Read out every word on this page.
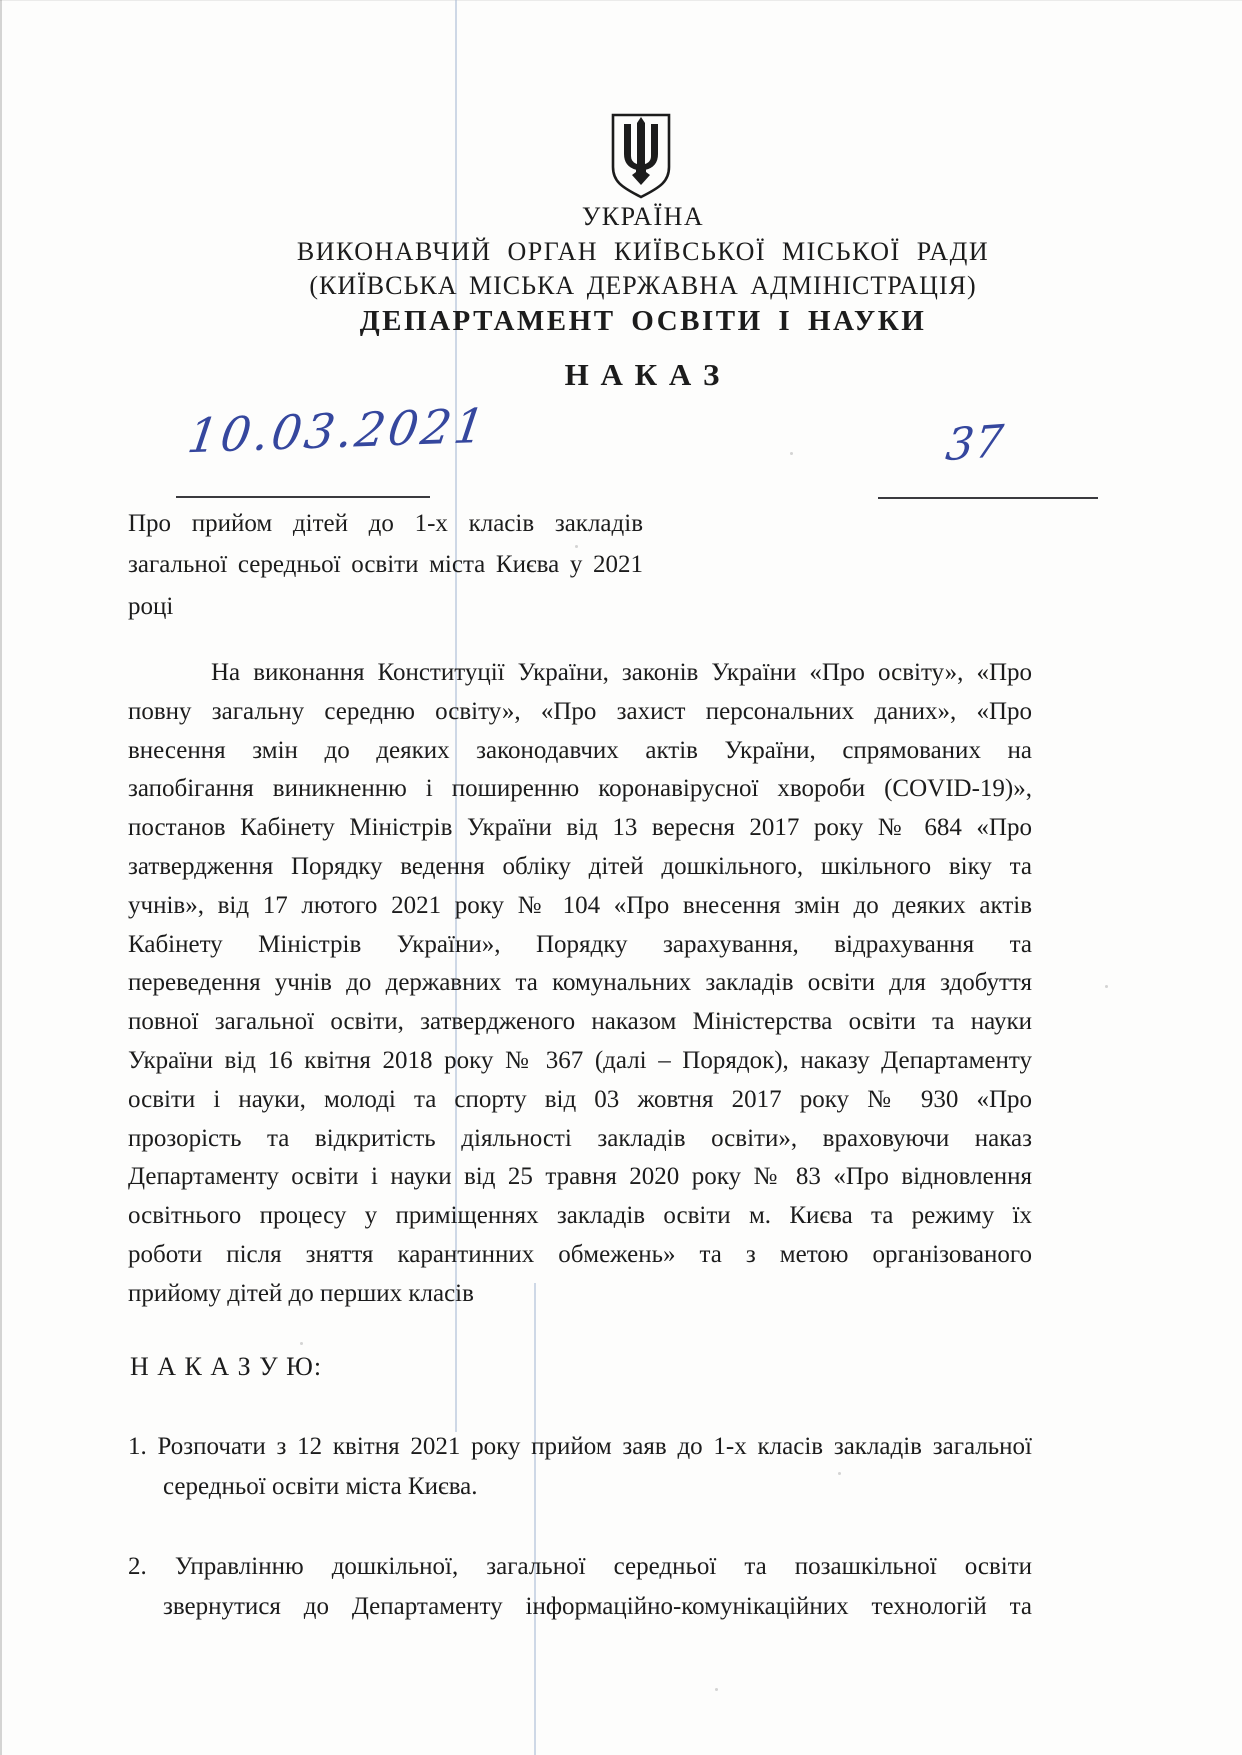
УКРАЇНА
ВИКОНАВЧИЙ ОРГАН КИЇВСЬКОЇ МІСЬКОЇ РАДИ
(КИЇВСЬКА МІСЬКА ДЕРЖАВНА АДМІНІСТРАЦІЯ)
ДЕПАРТАМЕНТ ОСВІТИ І НАУКИ
Н А К А З
10.03.2021	37
Про прийом дітей до 1-х класів закладів
загальної середньої освіти міста Києва у 2021
році
На виконання Конституції України, законів України «Про освіту», «Про
повну загальну середню освіту», «Про захист персональних даних», «Про
внесення змін до деяких законодавчих актів України, спрямованих на
запобігання виникненню і поширенню коронавірусної хвороби (COVID-19)»,
постанов Кабінету Міністрів України від 13 вересня 2017 року № 684 «Про
затвердження Порядку ведення обліку дітей дошкільного, шкільного віку та
учнів», від 17 лютого 2021 року № 104 «Про внесення змін до деяких актів
Кабінету Міністрів України», Порядку зарахування, відрахування та
переведення учнів до державних та комунальних закладів освіти для здобуття
повної загальної освіти, затвердженого наказом Міністерства освіти та науки
України від 16 квітня 2018 року № 367 (далі – Порядок), наказу Департаменту
освіти і науки, молоді та спорту від 03 жовтня 2017 року № 930 «Про
прозорість та відкритість діяльності закладів освіти», враховуючи наказ
Департаменту освіти і науки від 25 травня 2020 року № 83 «Про відновлення
освітнього процесу у приміщеннях закладів освіти м. Києва та режиму їх
роботи після зняття карантинних обмежень» та з метою організованого
прийому дітей до перших класів
Н А К А З У Ю:
1. Розпочати з 12 квітня 2021 року прийом заяв до 1-х класів закладів загальної
середньої освіти міста Києва.
2. Управлінню дошкільної, загальної середньої та позашкільної освіти
звернутися до Департаменту інформаційно-комунікаційних технологій та
